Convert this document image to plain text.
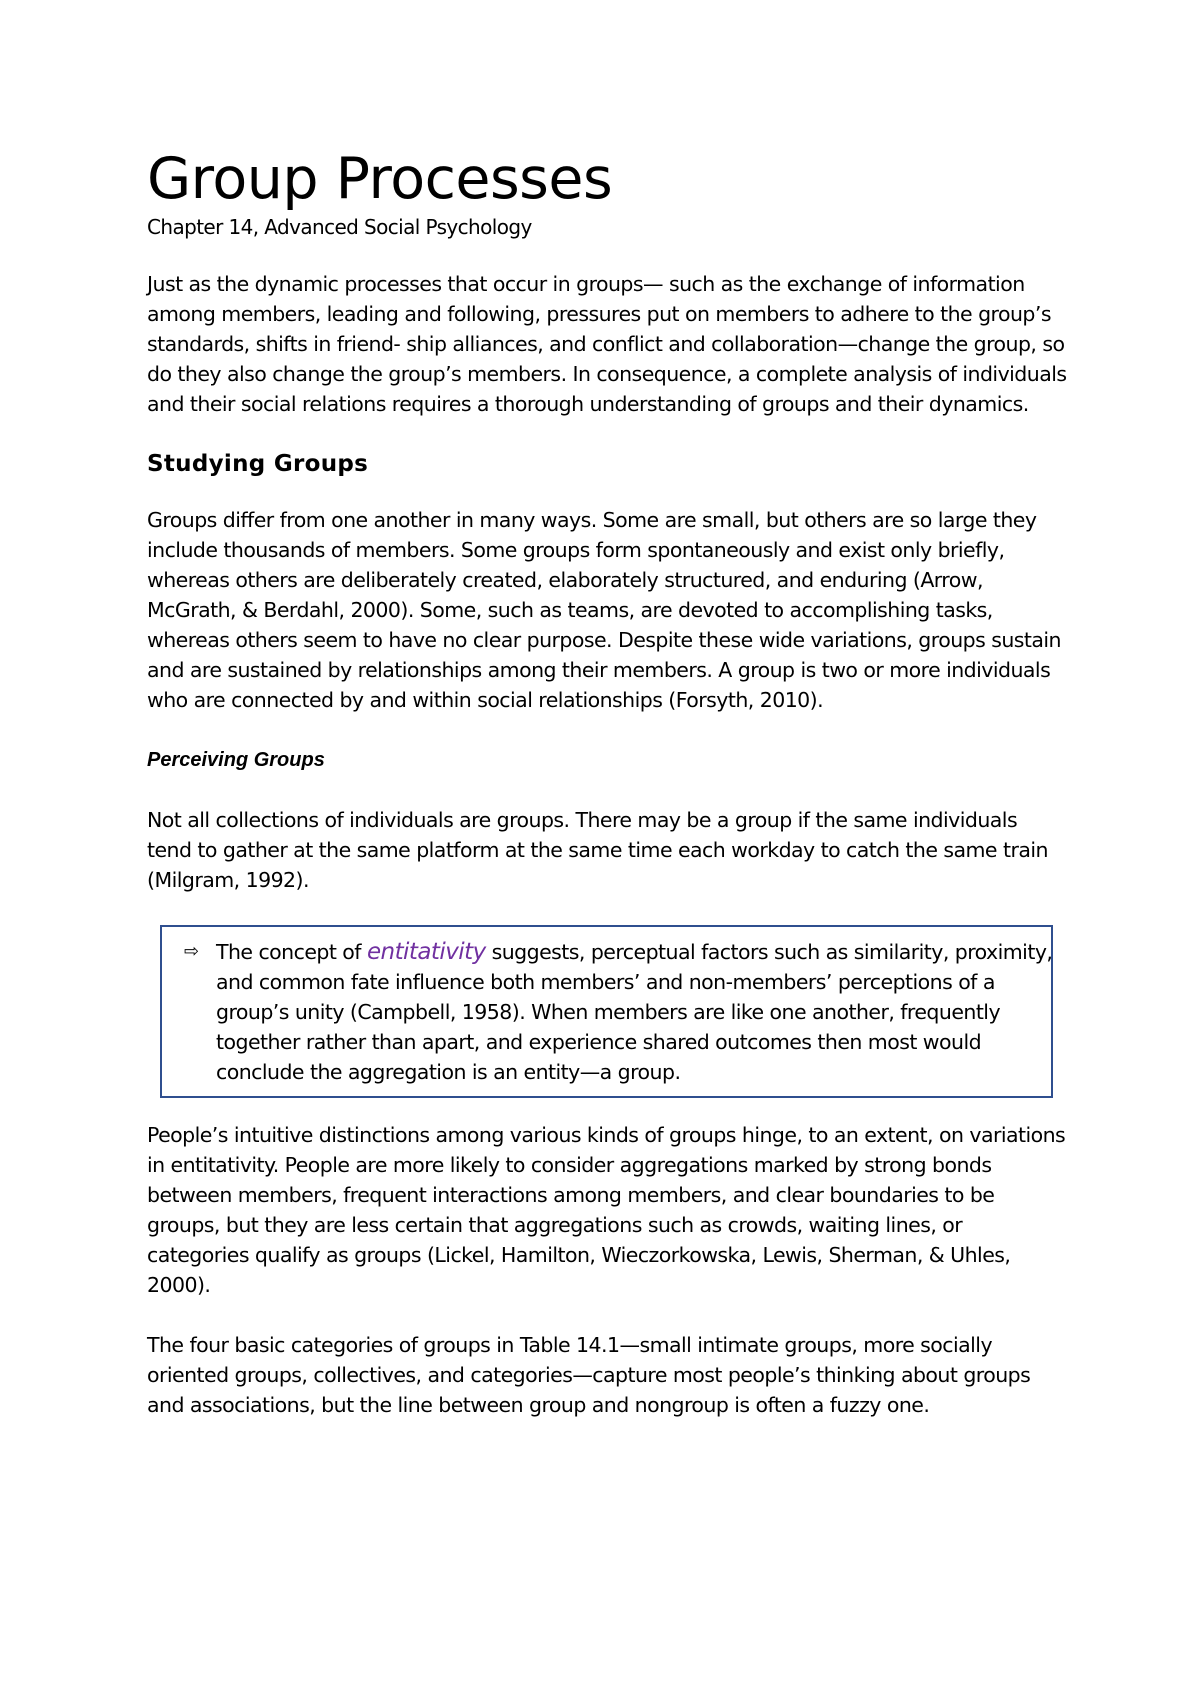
Group Processes
Chapter 14, Advanced Social Psychology

Just as the dynamic processes that occur in groups— such as the exchange of information among members, leading and following, pressures put on members to adhere to the group’s standards, shifts in friend- ship alliances, and conflict and collaboration—change the group, so do they also change the group’s members. In consequence, a complete analysis of individuals and their social relations requires a thorough understanding of groups and their dynamics.

Studying Groups

Groups differ from one another in many ways. Some are small, but others are so large they include thousands of members. Some groups form spontaneously and exist only briefly, whereas others are deliberately created, elaborately structured, and enduring (Arrow, McGrath, & Berdahl, 2000). Some, such as teams, are devoted to accomplishing tasks, whereas others seem to have no clear purpose. Despite these wide variations, groups sustain and are sustained by relationships among their members. A group is two or more individuals who are connected by and within social relationships (Forsyth, 2010).

Perceiving Groups

Not all collections of individuals are groups. There may be a group if the same individuals tend to gather at the same platform at the same time each workday to catch the same train (Milgram, 1992).

⇨ The concept of entitativity suggests, perceptual factors such as similarity, proximity, and common fate influence both members’ and non-members’ perceptions of a group’s unity (Campbell, 1958). When members are like one another, frequently together rather than apart, and experience shared outcomes then most would conclude the aggregation is an entity—a group.

People’s intuitive distinctions among various kinds of groups hinge, to an extent, on variations in entitativity. People are more likely to consider aggregations marked by strong bonds between members, frequent interactions among members, and clear boundaries to be groups, but they are less certain that aggregations such as crowds, waiting lines, or categories qualify as groups (Lickel, Hamilton, Wieczorkowska, Lewis, Sherman, & Uhles, 2000).

The four basic categories of groups in Table 14.1—small intimate groups, more socially oriented groups, collectives, and categories—capture most people’s thinking about groups and associations, but the line between group and nongroup is often a fuzzy one.
